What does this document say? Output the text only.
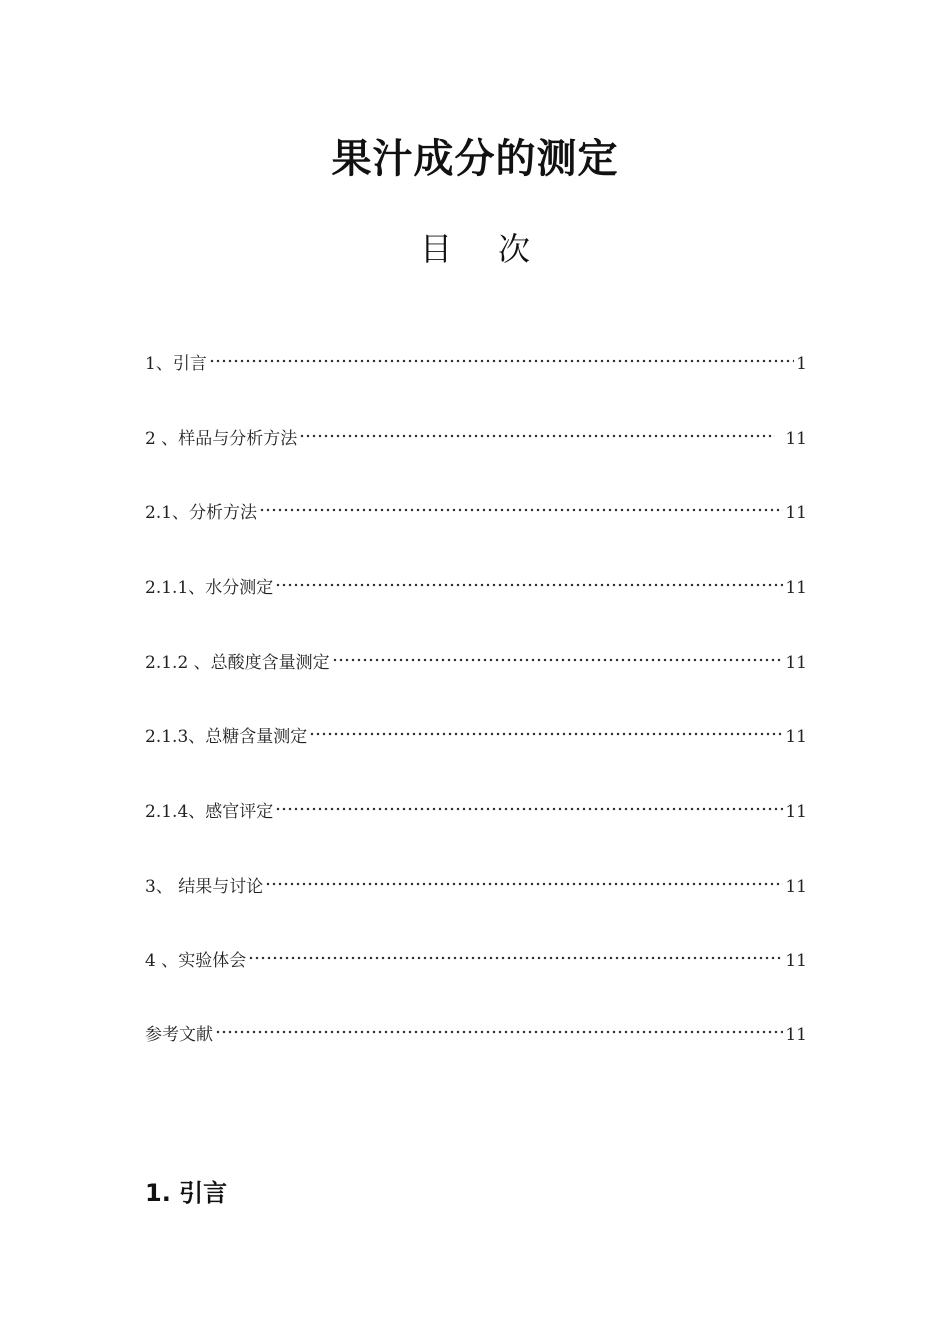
果汁成分的测定
目 次
1、引言	1
2 、样品与分析方法	11
2.1、分析方法	11
2.1.1、水分测定	11
2.1.2 、总酸度含量测定	11
2.1.3、总糖含量测定	11
2.1.4、感官评定	11
3、 结果与讨论	11
4 、实验体会	11
参考文献	11
1. 引言
